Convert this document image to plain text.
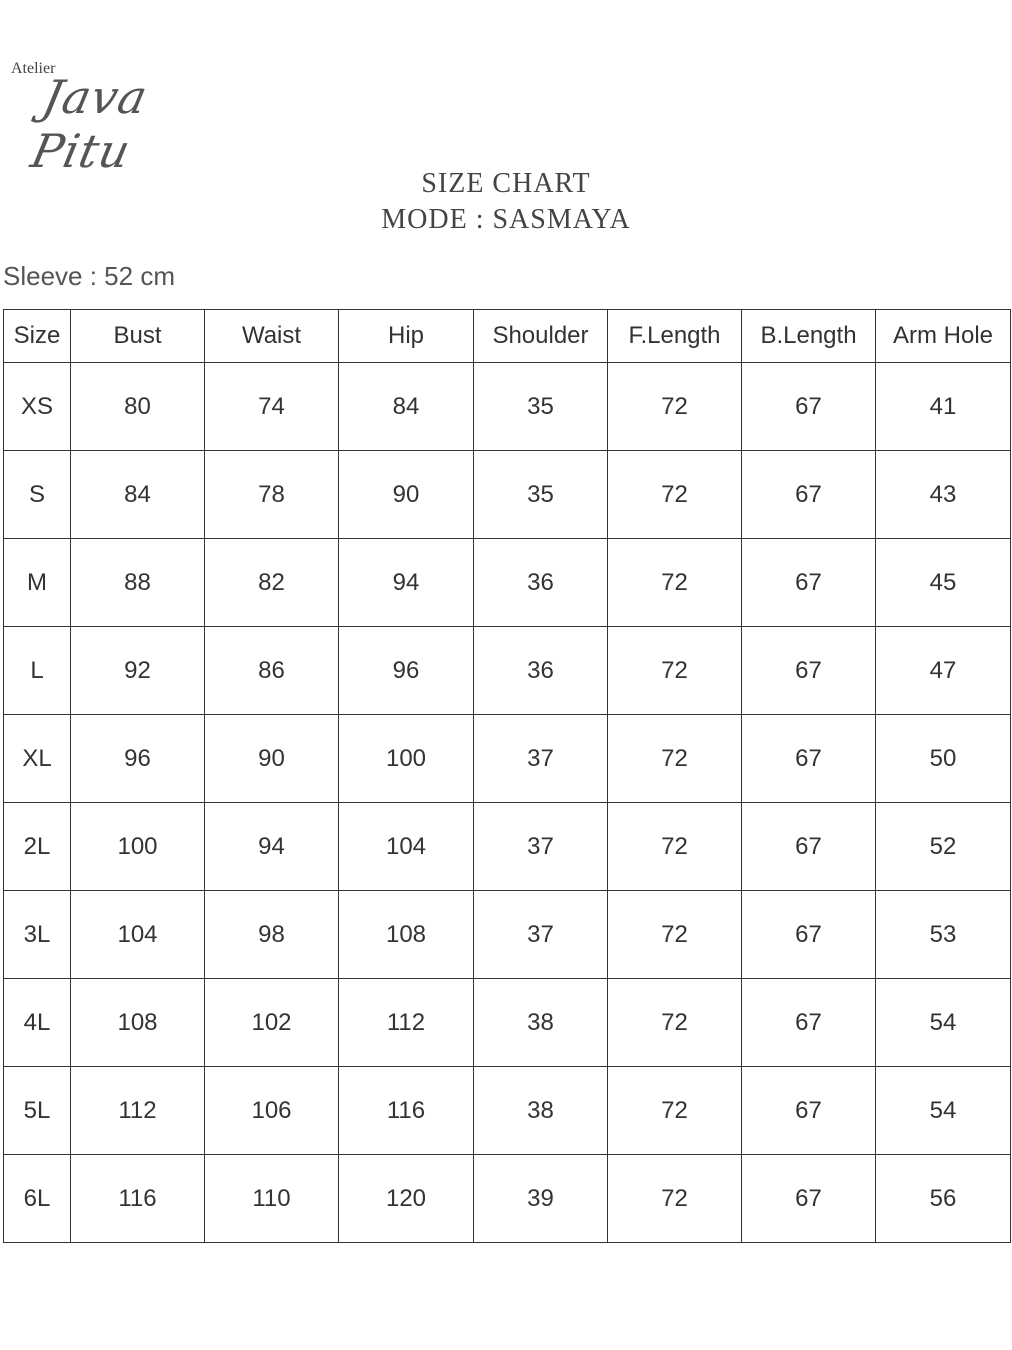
Atelier
Java Pitu
SIZE CHART
MODE : SASMAYA
Sleeve : 52 cm
Size	Bust	Waist	Hip	Shoulder	F.Length	B.Length	Arm Hole
XS	80	74	84	35	72	67	41
S	84	78	90	35	72	67	43
M	88	82	94	36	72	67	45
L	92	86	96	36	72	67	47
XL	96	90	100	37	72	67	50
2L	100	94	104	37	72	67	52
3L	104	98	108	37	72	67	53
4L	108	102	112	38	72	67	54
5L	112	106	116	38	72	67	54
6L	116	110	120	39	72	67	56
